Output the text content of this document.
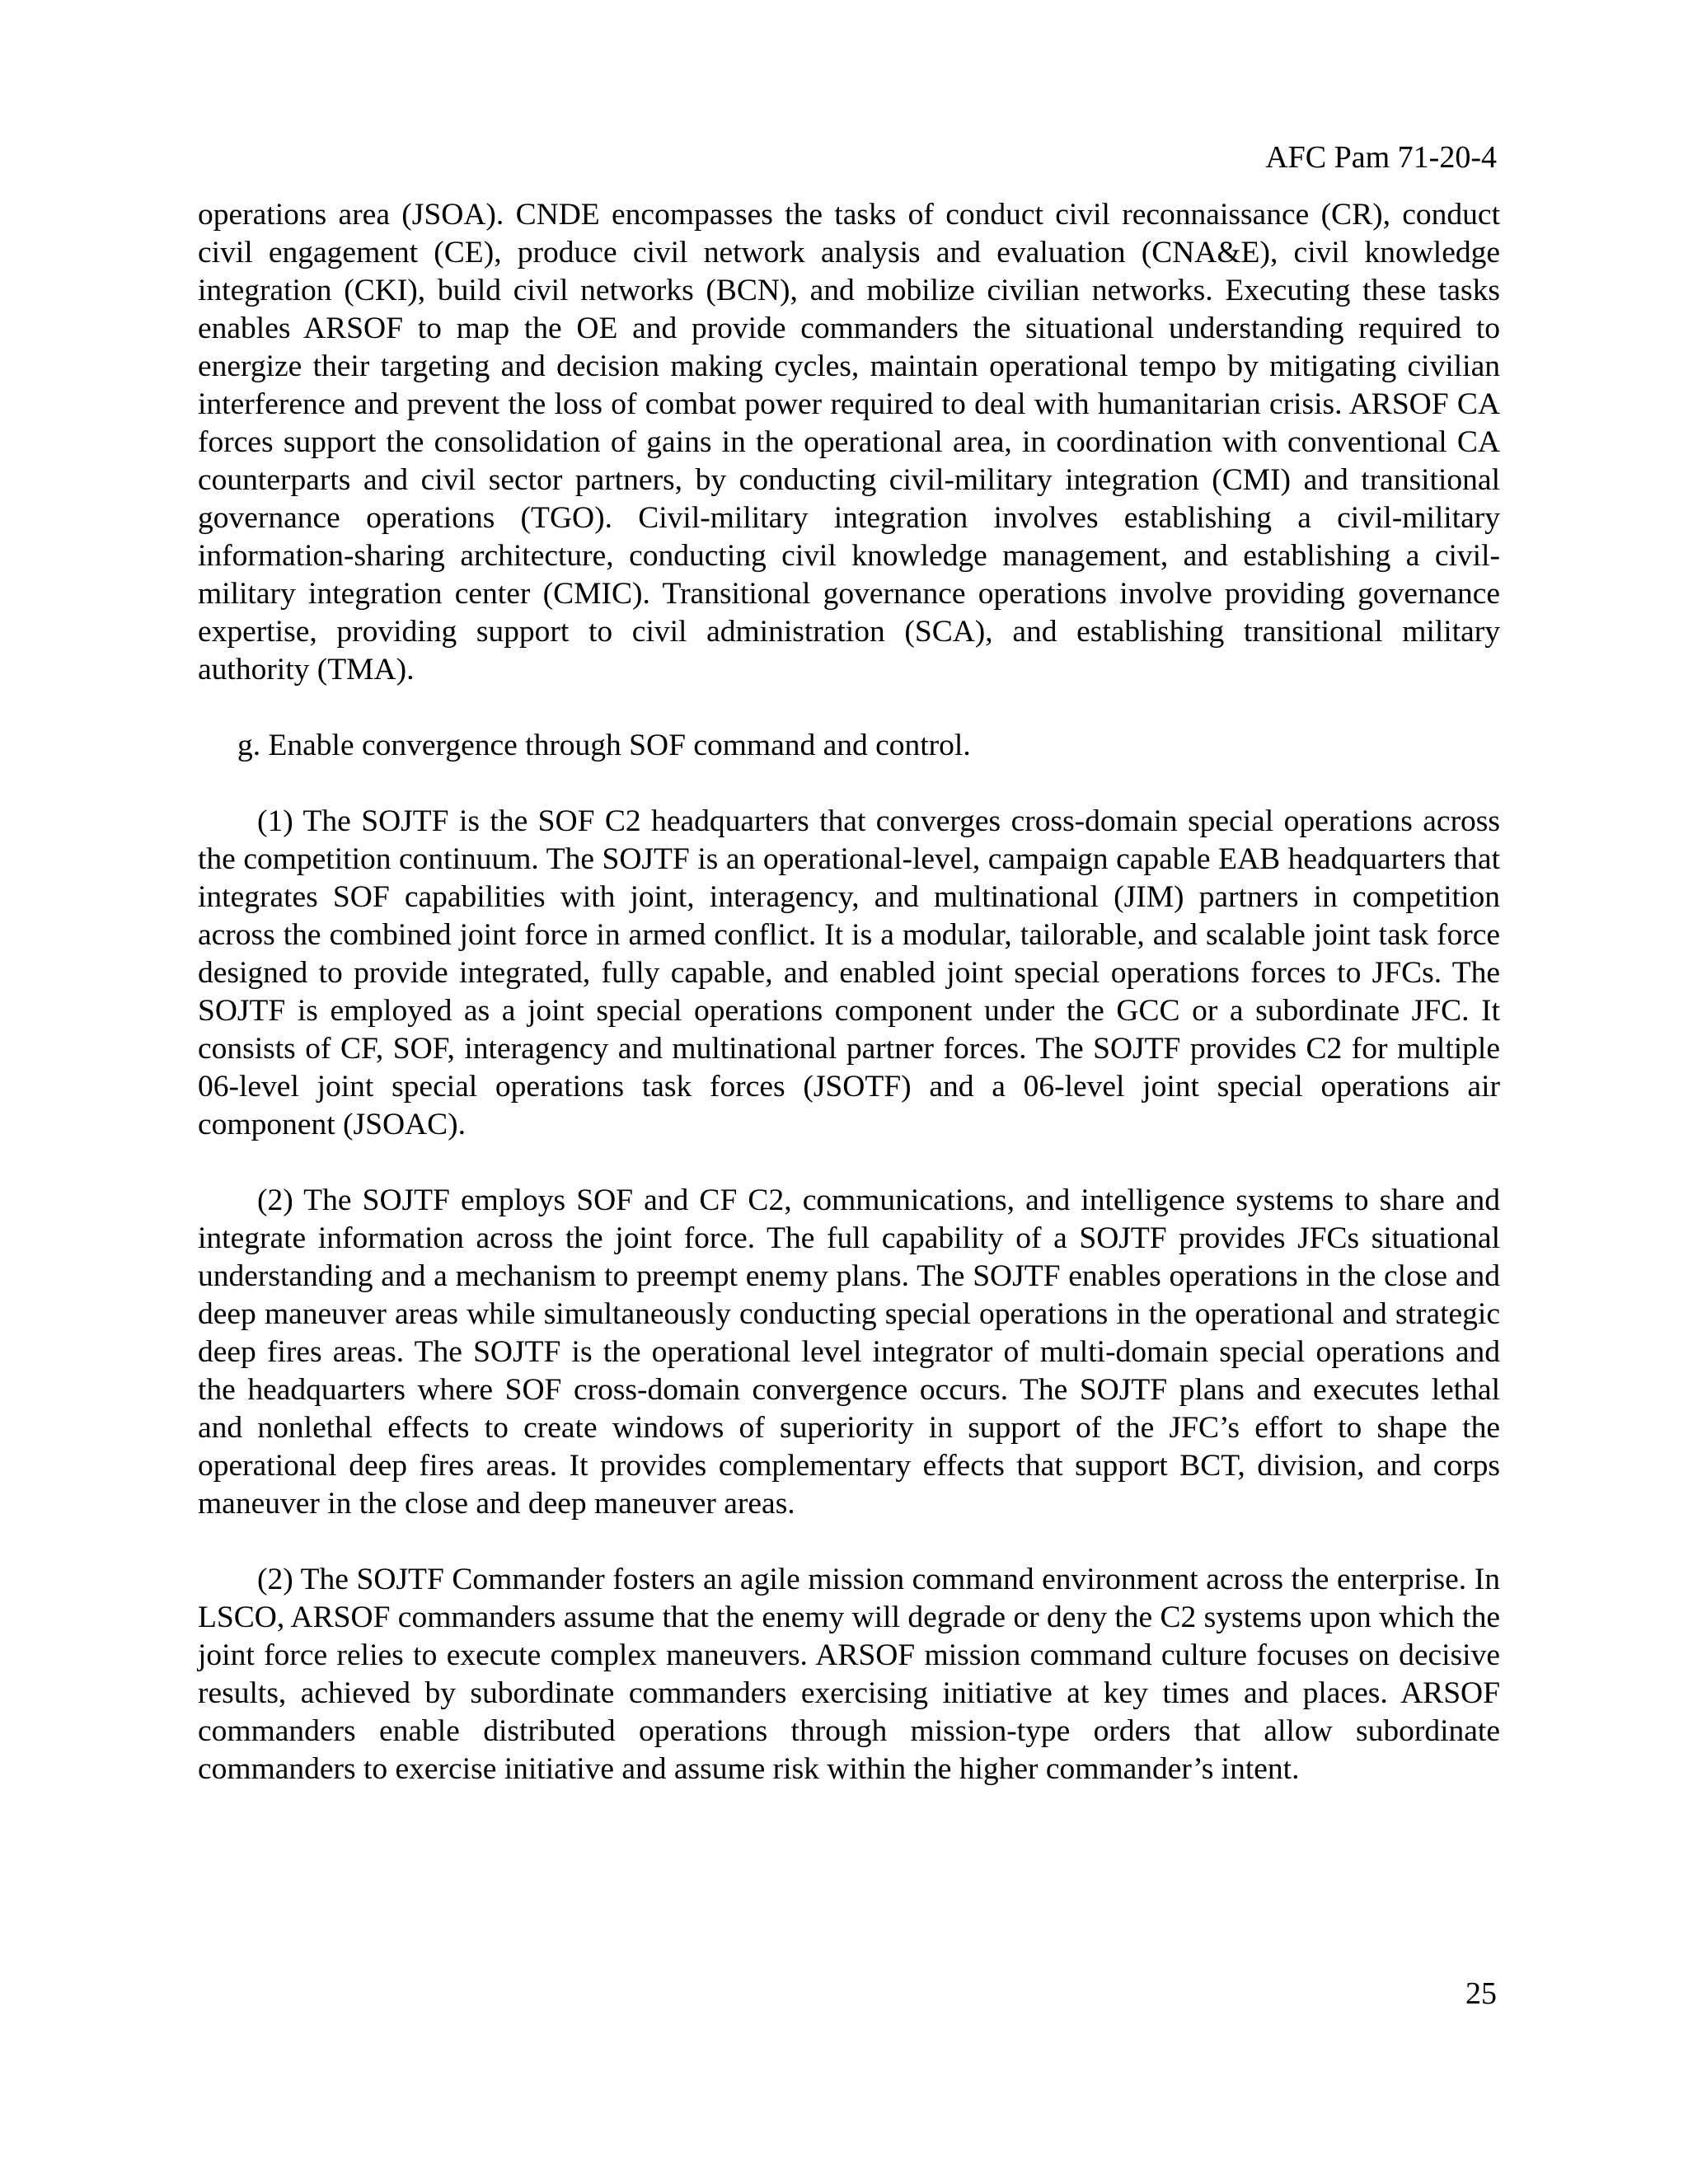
AFC Pam 71-20-4

operations area (JSOA). CNDE encompasses the tasks of conduct civil reconnaissance (CR), conduct civil engagement (CE), produce civil network analysis and evaluation (CNA&E), civil knowledge integration (CKI), build civil networks (BCN), and mobilize civilian networks. Executing these tasks enables ARSOF to map the OE and provide commanders the situational understanding required to energize their targeting and decision making cycles, maintain operational tempo by mitigating civilian interference and prevent the loss of combat power required to deal with humanitarian crisis. ARSOF CA forces support the consolidation of gains in the operational area, in coordination with conventional CA counterparts and civil sector partners, by conducting civil-military integration (CMI) and transitional governance operations (TGO). Civil-military integration involves establishing a civil-military information-sharing architecture, conducting civil knowledge management, and establishing a civil-military integration center (CMIC). Transitional governance operations involve providing governance expertise, providing support to civil administration (SCA), and establishing transitional military authority (TMA).

g. Enable convergence through SOF command and control.

(1) The SOJTF is the SOF C2 headquarters that converges cross-domain special operations across the competition continuum. The SOJTF is an operational-level, campaign capable EAB headquarters that integrates SOF capabilities with joint, interagency, and multinational (JIM) partners in competition across the combined joint force in armed conflict. It is a modular, tailorable, and scalable joint task force designed to provide integrated, fully capable, and enabled joint special operations forces to JFCs. The SOJTF is employed as a joint special operations component under the GCC or a subordinate JFC. It consists of CF, SOF, interagency and multinational partner forces. The SOJTF provides C2 for multiple 06-level joint special operations task forces (JSOTF) and a 06-level joint special operations air component (JSOAC).

(2) The SOJTF employs SOF and CF C2, communications, and intelligence systems to share and integrate information across the joint force. The full capability of a SOJTF provides JFCs situational understanding and a mechanism to preempt enemy plans. The SOJTF enables operations in the close and deep maneuver areas while simultaneously conducting special operations in the operational and strategic deep fires areas. The SOJTF is the operational level integrator of multi-domain special operations and the headquarters where SOF cross-domain convergence occurs. The SOJTF plans and executes lethal and nonlethal effects to create windows of superiority in support of the JFC’s effort to shape the operational deep fires areas. It provides complementary effects that support BCT, division, and corps maneuver in the close and deep maneuver areas.

(2) The SOJTF Commander fosters an agile mission command environment across the enterprise. In LSCO, ARSOF commanders assume that the enemy will degrade or deny the C2 systems upon which the joint force relies to execute complex maneuvers. ARSOF mission command culture focuses on decisive results, achieved by subordinate commanders exercising initiative at key times and places. ARSOF commanders enable distributed operations through mission-type orders that allow subordinate commanders to exercise initiative and assume risk within the higher commander’s intent.

25
